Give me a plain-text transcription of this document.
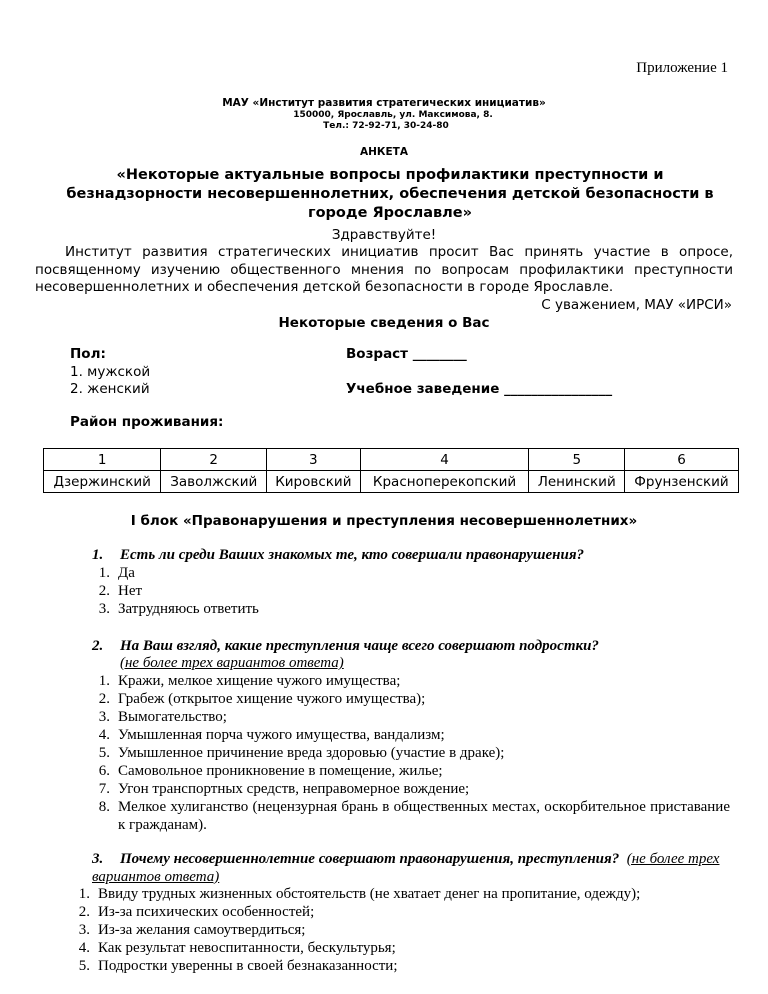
Приложение 1
МАУ «Институт развития стратегических инициатив»
150000, Ярославль, ул. Максимова, 8.
Тел.: 72-92-71, 30-24-80
АНКЕТА
«Некоторые актуальные вопросы профилактики преступности и безнадзорности несовершеннолетних, обеспечения детской безопасности в городе Ярославле»
Здравствуйте!
Институт развития стратегических инициатив просит Вас принять участие в опросе, посвященному изучению общественного мнения по вопросам профилактики преступности несовершеннолетних и обеспечения детской безопасности в городе Ярославле.
С уважением, МАУ «ИРСИ»
Некоторые сведения о Вас
Пол:
1. мужской
2. женский
Возраст ________
Учебное заведение ________________
Район проживания:
1	2	3	4	5	6
Дзержинский	Заволжский	Кировский	Красноперекопский	Ленинский	Фрунзенский
I блок «Правонарушения и преступления несовершеннолетних»
1. Есть ли среди Ваших знакомых те, кто совершали правонарушения?
1. Да
2. Нет
3. Затрудняюсь ответить
2. На Ваш взгляд, какие преступления чаще всего совершают подростки?
(не более трех вариантов ответа)
1. Кражи, мелкое хищение чужого имущества;
2. Грабеж (открытое хищение чужого имущества);
3. Вымогательство;
4. Умышленная порча чужого имущества, вандализм;
5. Умышленное причинение вреда здоровью (участие в драке);
6. Самовольное проникновение в помещение, жилье;
7. Угон транспортных средств, неправомерное вождение;
8. Мелкое хулиганство (нецензурная брань в общественных местах, оскорбительное приставание к гражданам).
3. Почему несовершеннолетние совершают правонарушения, преступления? (не более трех вариантов ответа)
1. Ввиду трудных жизненных обстоятельств (не хватает денег на пропитание, одежду);
2. Из-за психических особенностей;
3. Из-за желания самоутвердиться;
4. Как результат невоспитанности, бескультурья;
5. Подростки уверенны в своей безнаказанности;
